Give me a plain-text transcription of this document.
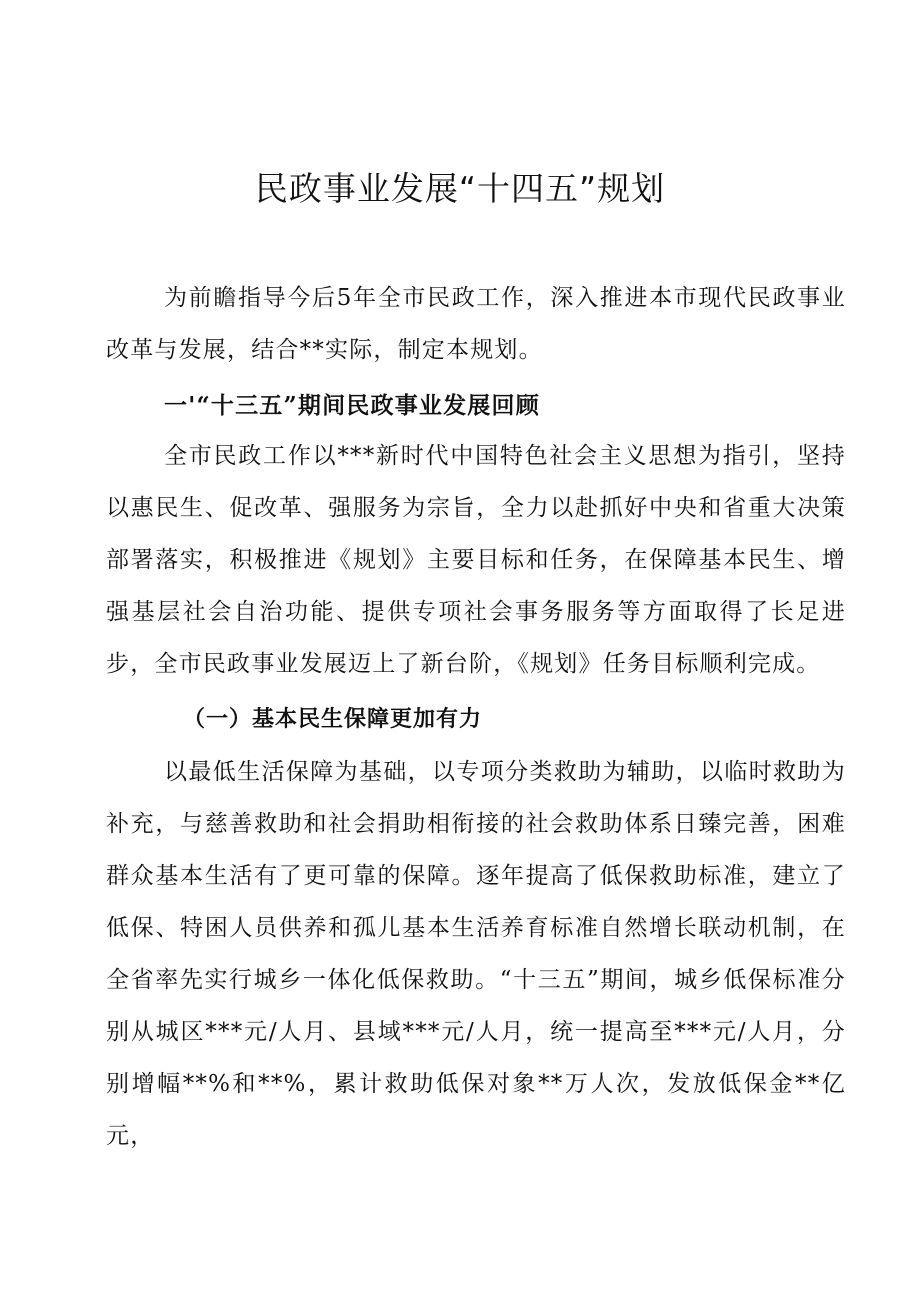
民政事业发展“十四五”规划

为前瞻指导今后5年全市民政工作，深入推进本市现代民政事业改革与发展，结合**实际，制定本规划。

一'“十三五”期间民政事业发展回顾

全市民政工作以***新时代中国特色社会主义思想为指引，坚持以惠民生、促改革、强服务为宗旨，全力以赴抓好中央和省重大决策部署落实，积极推进《规划》主要目标和任务，在保障基本民生、增强基层社会自治功能、提供专项社会事务服务等方面取得了长足进步，全市民政事业发展迈上了新台阶，《规划》任务目标顺利完成。

（一）基本民生保障更加有力

以最低生活保障为基础，以专项分类救助为辅助，以临时救助为补充，与慈善救助和社会捐助相衔接的社会救助体系日臻完善，困难群众基本生活有了更可靠的保障。逐年提高了低保救助标准，建立了低保、特困人员供养和孤儿基本生活养育标准自然增长联动机制，在全省率先实行城乡一体化低保救助。“十三五”期间，城乡低保标准分别从城区***元/人月、县域***元/人月，统一提高至***元/人月，分别增幅**%和**%，累计救助低保对象**万人次，发放低保金**亿元，
